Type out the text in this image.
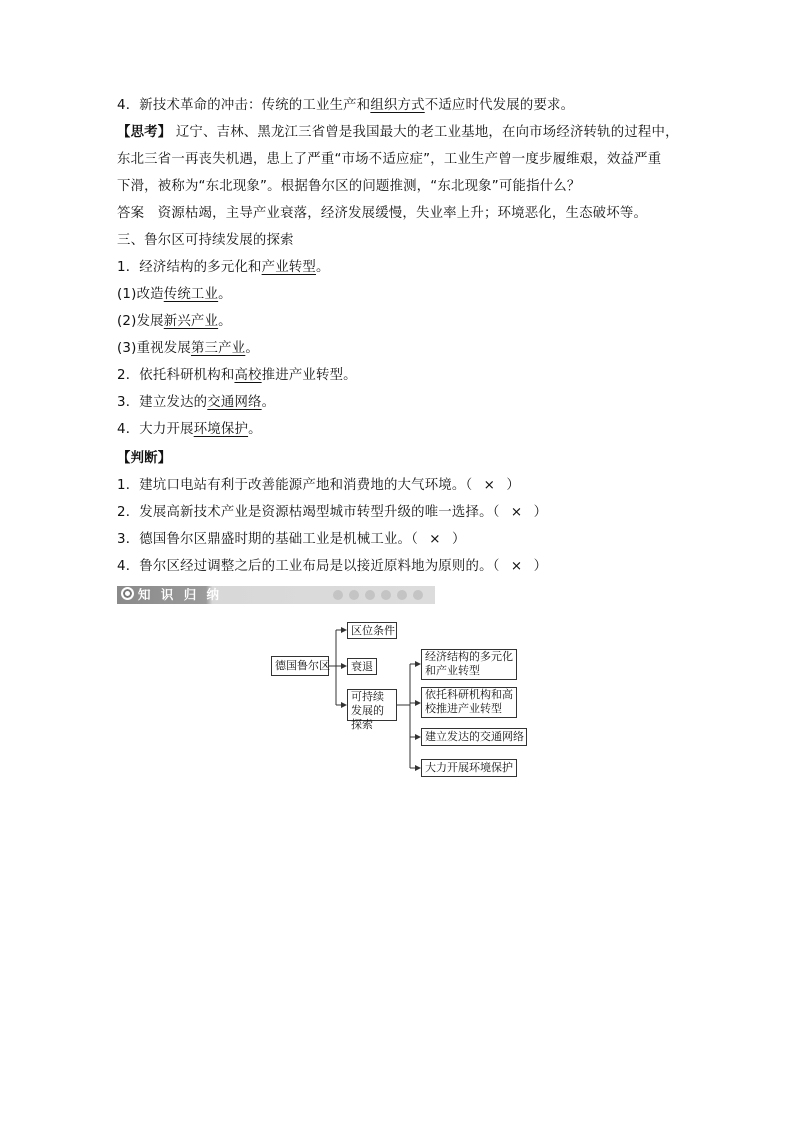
4．新技术革命的冲击：传统的工业生产和组织方式不适应时代发展的要求。
【思考】 辽宁、吉林、黑龙江三省曾是我国最大的老工业基地，在向市场经济转轨的过程中，
东北三省一再丧失机遇，患上了严重“市场不适应症”，工业生产曾一度步履维艰，效益严重
下滑，被称为“东北现象”。根据鲁尔区的问题推测，“东北现象”可能指什么？
答案　资源枯竭，主导产业衰落，经济发展缓慢，失业率上升；环境恶化，生态破坏等。
三、鲁尔区可持续发展的探索
1．经济结构的多元化和产业转型。
(1)改造传统工业。
(2)发展新兴产业。
(3)重视发展第三产业。
2．依托科研机构和高校推进产业转型。
3．建立发达的交通网络。
4．大力开展环境保护。
【判断】
1．建坑口电站有利于改善能源产地和消费地的大气环境。（ × ）
2．发展高新技术产业是资源枯竭型城市转型升级的唯一选择。（ × ）
3．德国鲁尔区鼎盛时期的基础工业是机械工业。（ × ）
4．鲁尔区经过调整之后的工业布局是以接近原料地为原则的。（ × ）
知 识 归 纳
德国鲁尔区
区位条件
衰退
可持续发展的探索
经济结构的多元化和产业转型
依托科研机构和高校推进产业转型
建立发达的交通网络
大力开展环境保护
